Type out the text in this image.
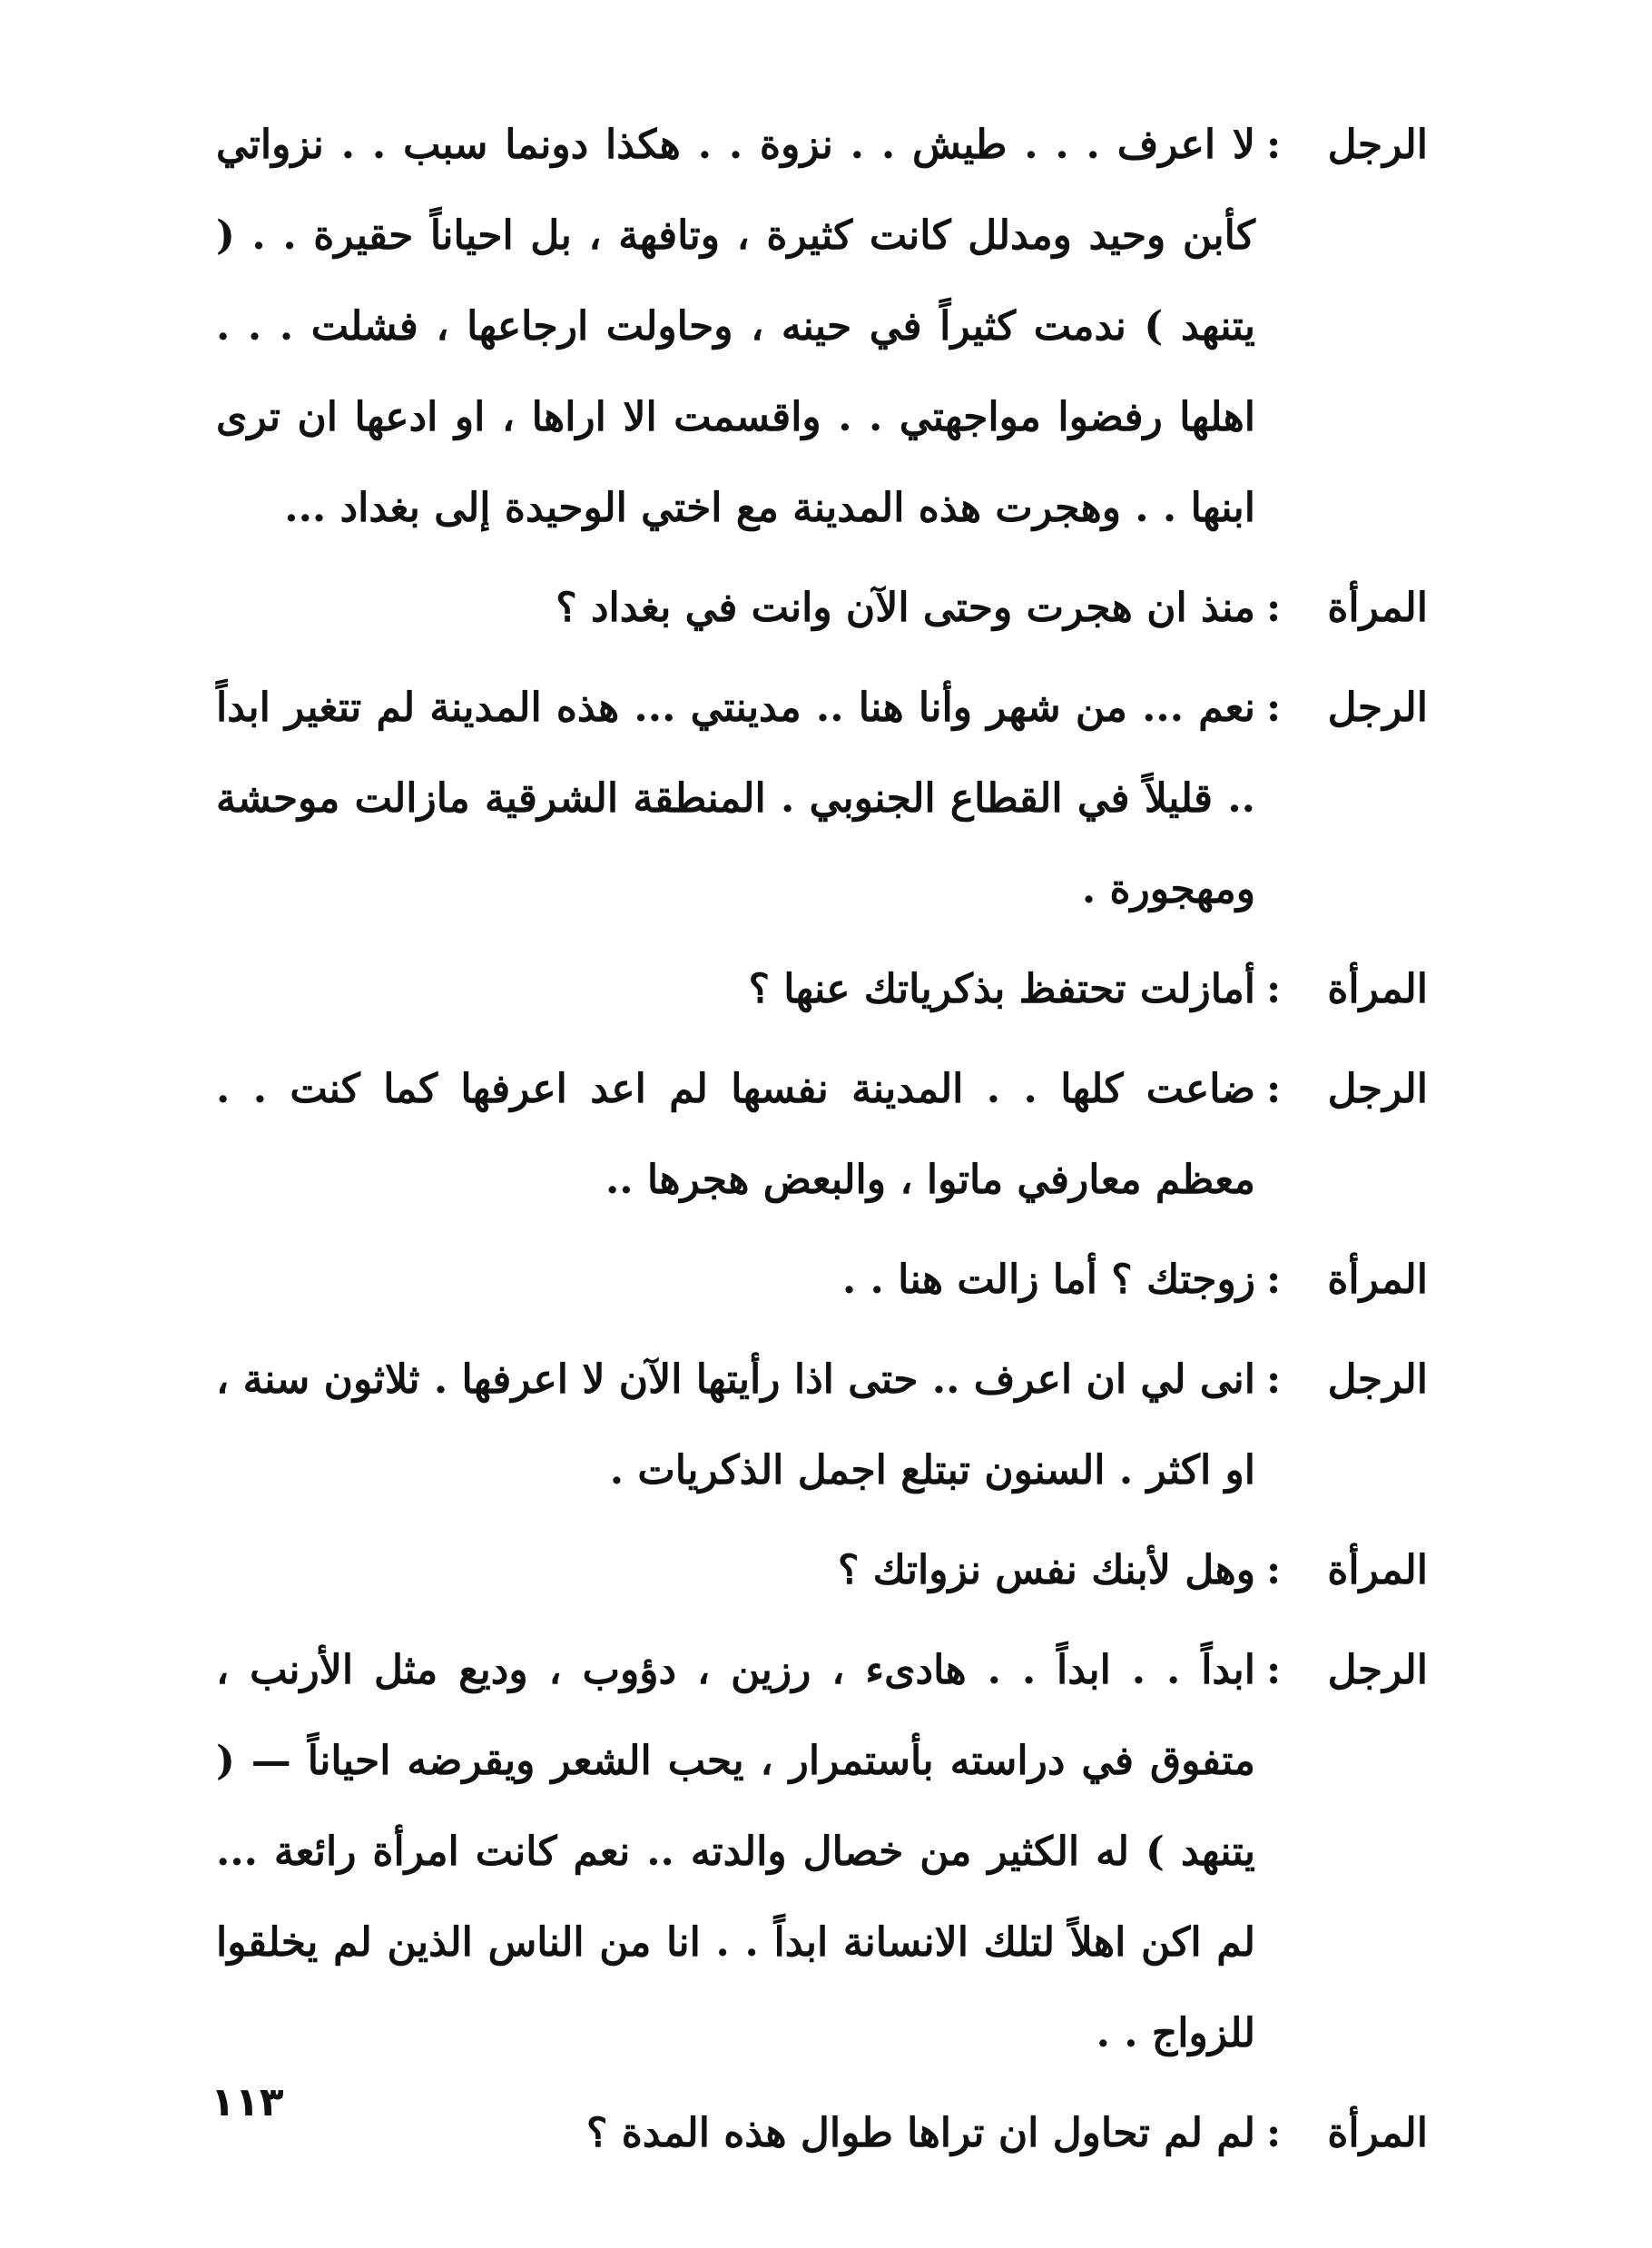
الرجل
:
لا اعرف . . . طيش . . نزوة . . هكذا دونما سبب . . نزواتي كأبن وحيد ومدلل كانت كثيرة ، وتافهة ، بل احياناً حقيرة . . ( يتنهد ) ندمت كثيراً في حينه ، وحاولت ارجاعها ، فشلت . . . اهلها رفضوا مواجهتي . . واقسمت الا اراها ، او ادعها ان ترى ابنها . . وهجرت هذه المدينة مع اختي الوحيدة إلى بغداد ...
المرأة
:
منذ ان هجرت وحتى الآن وانت في بغداد ؟
الرجل
:
نعم ... من شهر وأنا هنا .. مدينتي ... هذه المدينة لم تتغير ابداً .. قليلاً في القطاع الجنوبي . المنطقة الشرقية مازالت موحشة ومهجورة .
المرأة
:
أمازلت تحتفظ بذكرياتك عنها ؟
الرجل
:
ضاعت كلها . . المدينة نفسها لم اعد اعرفها كما كنت . . معظم معارفي ماتوا ، والبعض هجرها ..
المرأة
:
زوجتك ؟ أما زالت هنا . .
الرجل
:
انى لي ان اعرف .. حتى اذا رأيتها الآن لا اعرفها . ثلاثون سنة ، او اكثر . السنون تبتلع اجمل الذكريات .
المرأة
:
وهل لأبنك نفس نزواتك ؟
الرجل
:
ابداً . . ابداً . . هادىء ، رزين ، دؤوب ، وديع مثل الأرنب ، متفوق في دراسته بأستمرار ، يحب الشعر ويقرضه احياناً — ( يتنهد ) له الكثير من خصال والدته .. نعم كانت امرأة رائعة ... لم اكن اهلاً لتلك الانسانة ابداً . . انا من الناس الذين لم يخلقوا للزواج . .
المرأة
:
لم لم تحاول ان تراها طوال هذه المدة ؟
١١٣
